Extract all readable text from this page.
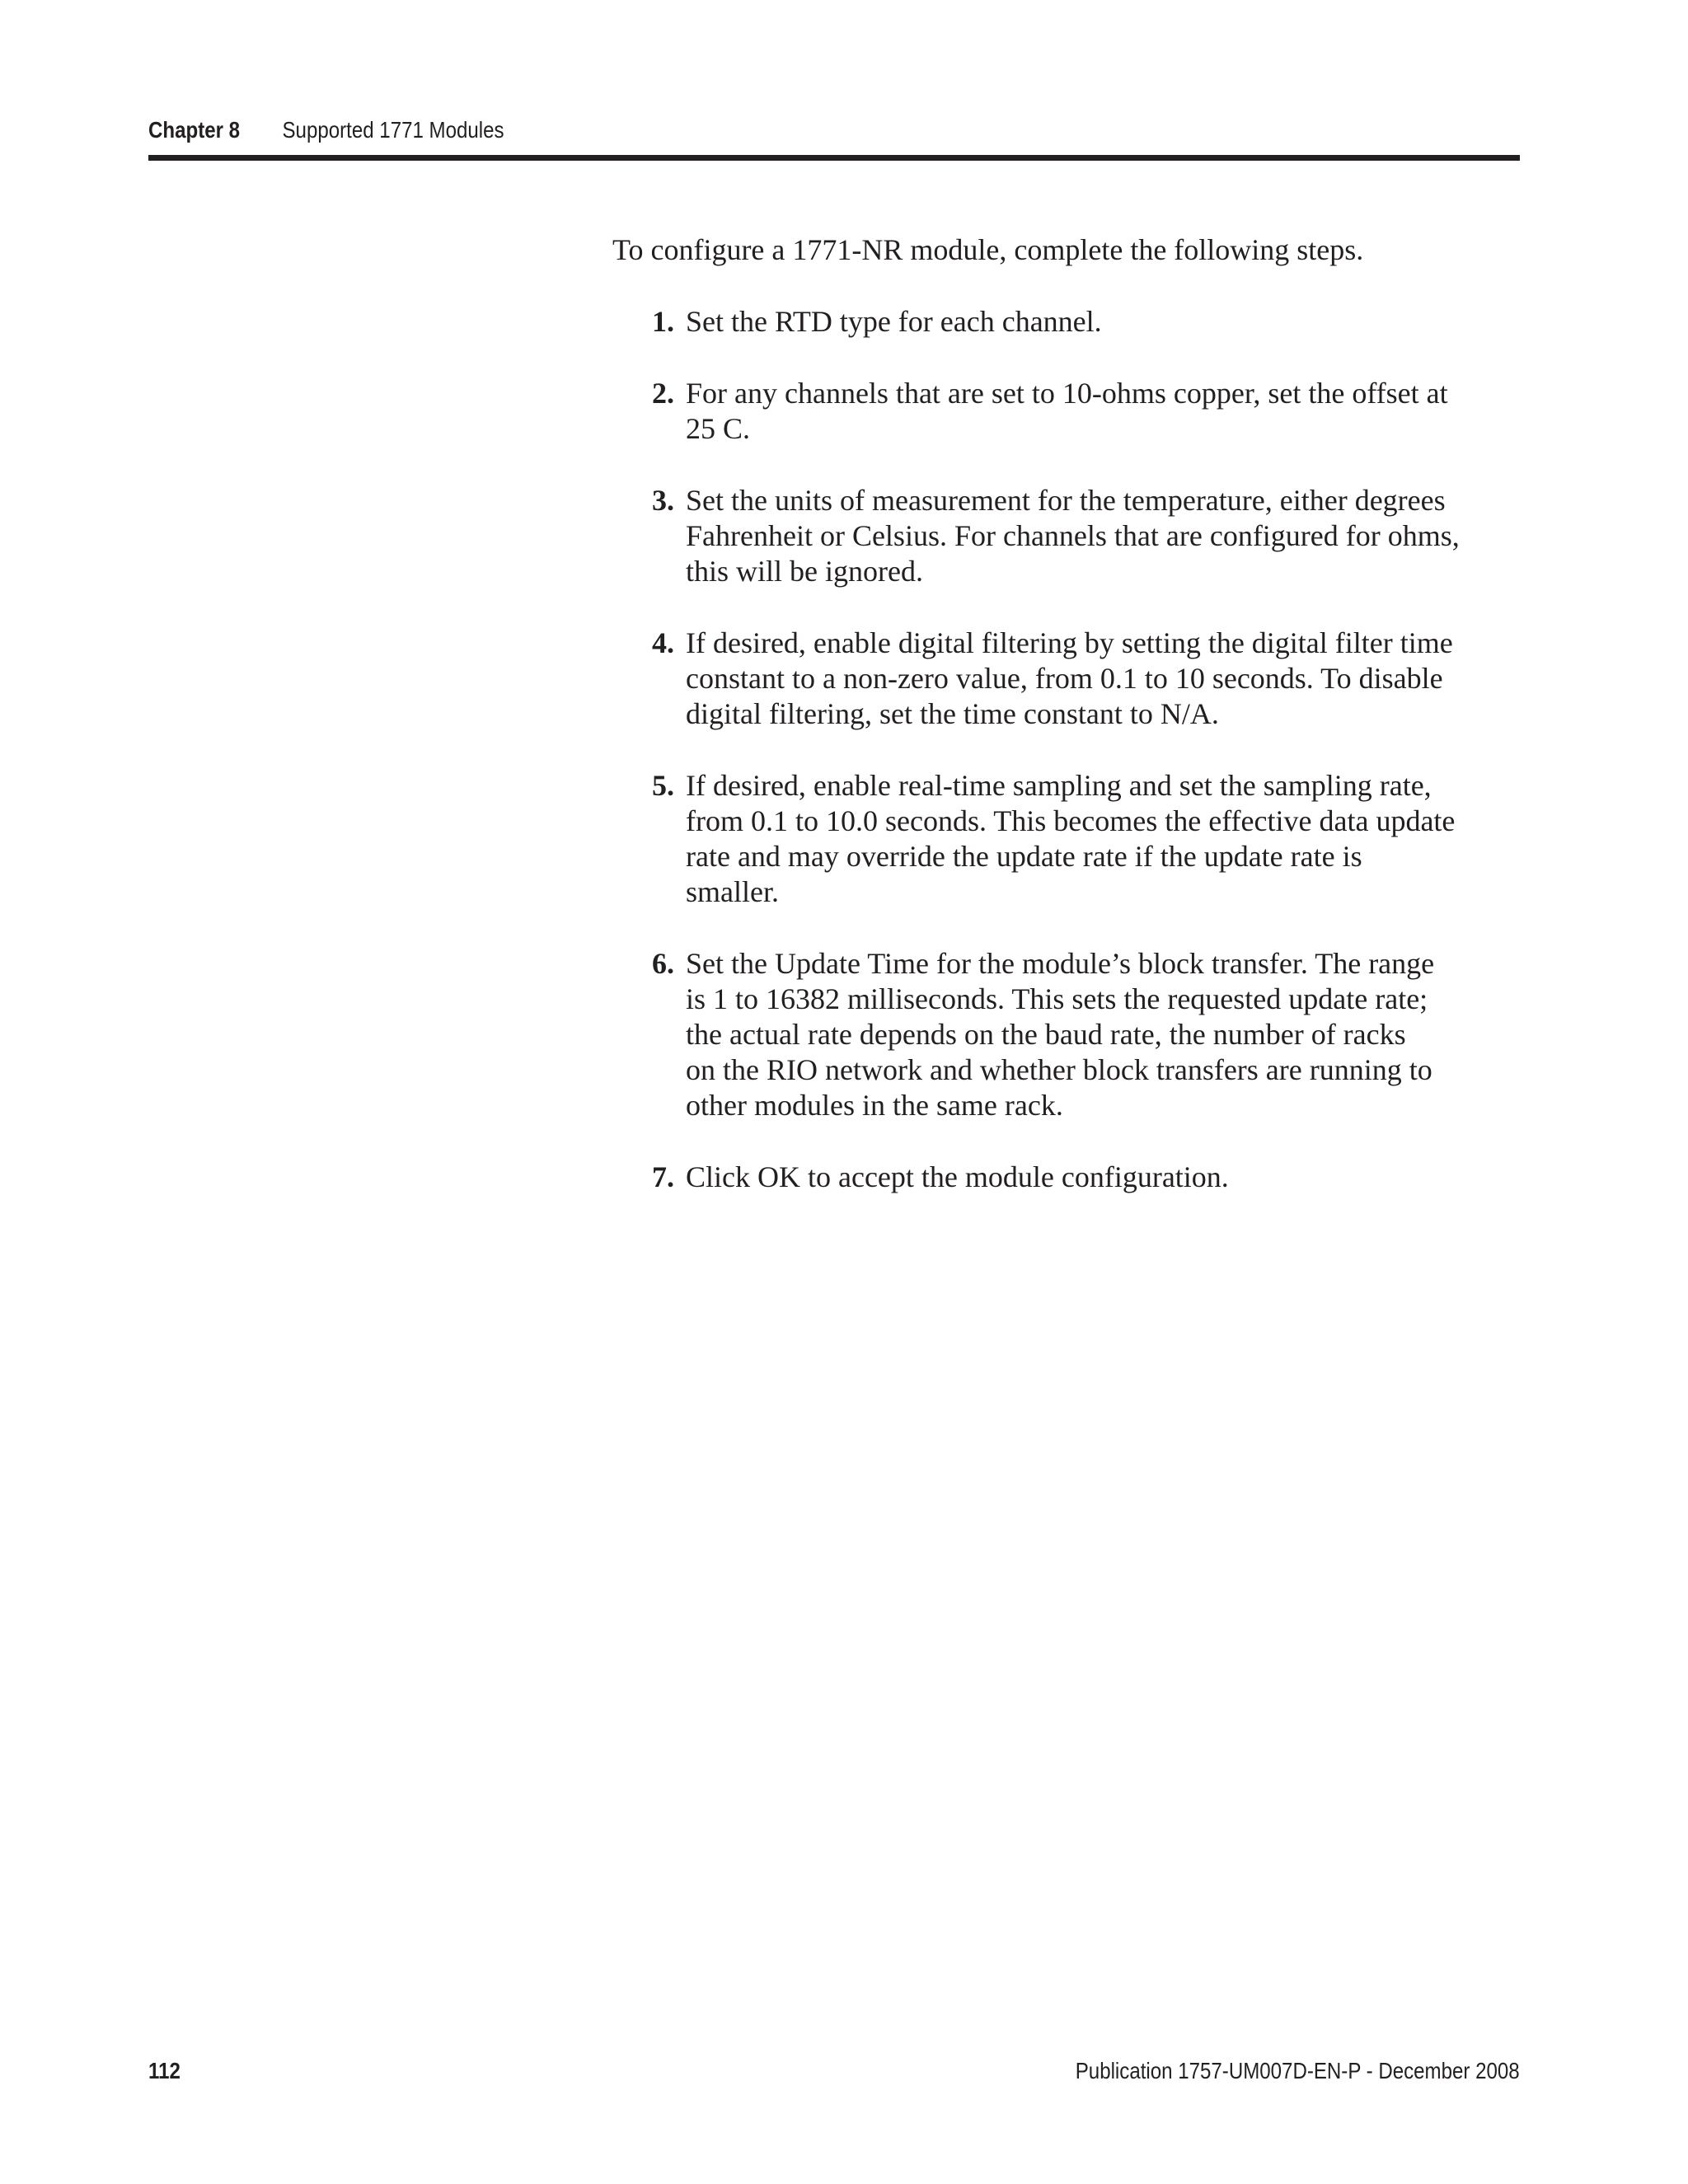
Chapter 8 Supported 1771 Modules

To configure a 1771-NR module, complete the following steps.

1. Set the RTD type for each channel.
2. For any channels that are set to 10-ohms copper, set the offset at
25 C.
3. Set the units of measurement for the temperature, either degrees
Fahrenheit or Celsius. For channels that are configured for ohms,
this will be ignored.
4. If desired, enable digital filtering by setting the digital filter time
constant to a non-zero value, from 0.1 to 10 seconds. To disable
digital filtering, set the time constant to N/A.
5. If desired, enable real-time sampling and set the sampling rate,
from 0.1 to 10.0 seconds. This becomes the effective data update
rate and may override the update rate if the update rate is
smaller.
6. Set the Update Time for the module’s block transfer. The range
is 1 to 16382 milliseconds. This sets the requested update rate;
the actual rate depends on the baud rate, the number of racks
on the RIO network and whether block transfers are running to
other modules in the same rack.
7. Click OK to accept the module configuration.
112	Publication 1757-UM007D-EN-P - December 2008
